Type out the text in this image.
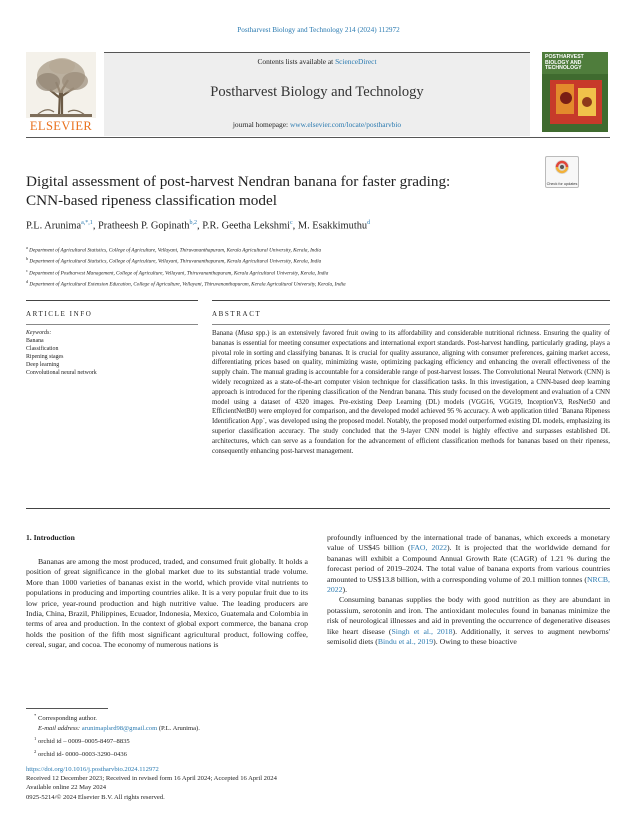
Postharvest Biology and Technology 214 (2024) 112972
ELSEVIER
Contents lists available at ScienceDirect
Postharvest Biology and Technology
journal homepage: www.elsevier.com/locate/postharvbio
POSTHARVEST BIOLOGY AND TECHNOLOGY
Check for updates
Digital assessment of post-harvest Nendran banana for faster grading:
CNN-based ripeness classification model
P.L. Arunima$^{a,*,1}$, Pratheesh P. Gopinath$^{b,2}$, P.R. Geetha Lekshmi$^c$, M. Esakkimuthu$^d$
$^a$ Department of Agricultural Statistics, College of Agriculture, Vellayani, Thiruvananthapuram, Kerala Agricultural University, Kerala, India
$^b$ Department of Agricultural Statistics, College of Agriculture, Vellayani, Thiruvananthapuram, Kerala Agricultural University, Kerala, India
$^c$ Department of Postharvest Management, College of Agriculture, Vellayani, Thiruvananthapuram, Kerala Agricultural University, Kerala, India
$^d$ Department of Agricultural Extension Education, College of Agriculture, Vellayani, Thiruvananthapuram, Kerala Agricultural University, Kerala, India
ARTICLE INFO	ABSTRACT
Keywords:
Banana
Classification
Ripening stages
Deep learning
Convolutional neural network
Banana (Musa spp.) is an extensively favored fruit owing to its affordability and considerable nutritional richness. Ensuring the quality of bananas is essential for meeting consumer expectations and international export standards. Post-harvest handling, particularly grading, plays a pivotal role in sorting and classifying bananas. It is crucial for quality assurance, aligning with consumer preferences, gaining market access, differentiating prices based on quality, minimizing waste, optimizing packaging efficiency and enhancing the overall effectiveness of the supply chain. The manual grading is accountable for a considerable range of post-harvest losses. The Convolutional Neural Network (CNN) is widely recognized as a state-of-the-art computer vision technique for classification tasks. In this investigation, a CNN-based deep learning approach is introduced for the ripening classification of the Nendran banana. This study focused on the development and evaluation of a CNN model using a dataset of 4320 images. Pre-existing Deep Learning (DL) models (VGG16, VGG19, InceptionV3, ResNet50 and EfficientNetB0) were employed for comparison, and the developed model achieved 95 % accuracy. A web application titled `Banana Ripeness Identification App`, was developed using the proposed model. Notably, the proposed model outperformed existing DL models, emphasizing its superior classification accuracy. The study concluded that the 9-layer CNN model is highly effective and surpasses established DL architectures, which can serve as a foundation for the advancement of efficient classification methods for bananas based on their ripeness, consequently enhancing post-harvest management.
1. Introduction

Bananas are among the most produced, traded, and consumed fruit globally. It holds a position of great significance in the global market due to its substantial trade volume. More than 1000 varieties of bananas exist in the world, which provide vital nutrients to populations in producing and importing countries alike. It is a very popular fruit due to its low price, year-round production and high nutritive value. The leading producers are India, China, Brazil, Philippines, Ecuador, Indonesia, Mexico, Guatemala and Colombia in terms of area and production. In the context of global export commerce, the banana crop holds the position of the fifth most significant agricultural product, following coffee, cereal, sugar, and cocoa. The economy of numerous nations is

profoundly influenced by the international trade of bananas, which exceeds a monetary value of US$45 billion (FAO, 2022). It is projected that the worldwide demand for bananas will exhibit a Compound Annual Growth Rate (CAGR) of 1.21 % during the forecast period of 2019–2024. The total value of banana exports from various countries amounted to US$13.8 billion, with a corresponding volume of 20.1 million tonnes (NRCB, 2022).

Consuming bananas supplies the body with good nutrition as they are abundant in potassium, serotonin and iron. The antioxidant molecules found in bananas minimize the risk of neurological illnesses and aid in preventing the occurrence of degenerative diseases like heart disease (Singh et al., 2018). Additionally, it serves to augment newborns' semisolid diets (Bindu et al., 2019). Owing to these bioactive

* Corresponding author.
E-mail address: arunimaplsrd98@gmail.com (P.L. Arunima).
$^1$ orchid id – 0009–0005-8497–8835
$^2$ orchid id- 0000–0003-3290–0436
https://doi.org/10.1016/j.postharvbio.2024.112972
Received 12 December 2023; Received in revised form 16 April 2024; Accepted 16 April 2024
Available online 22 May 2024
0925-5214/© 2024 Elsevier B.V. All rights reserved.
